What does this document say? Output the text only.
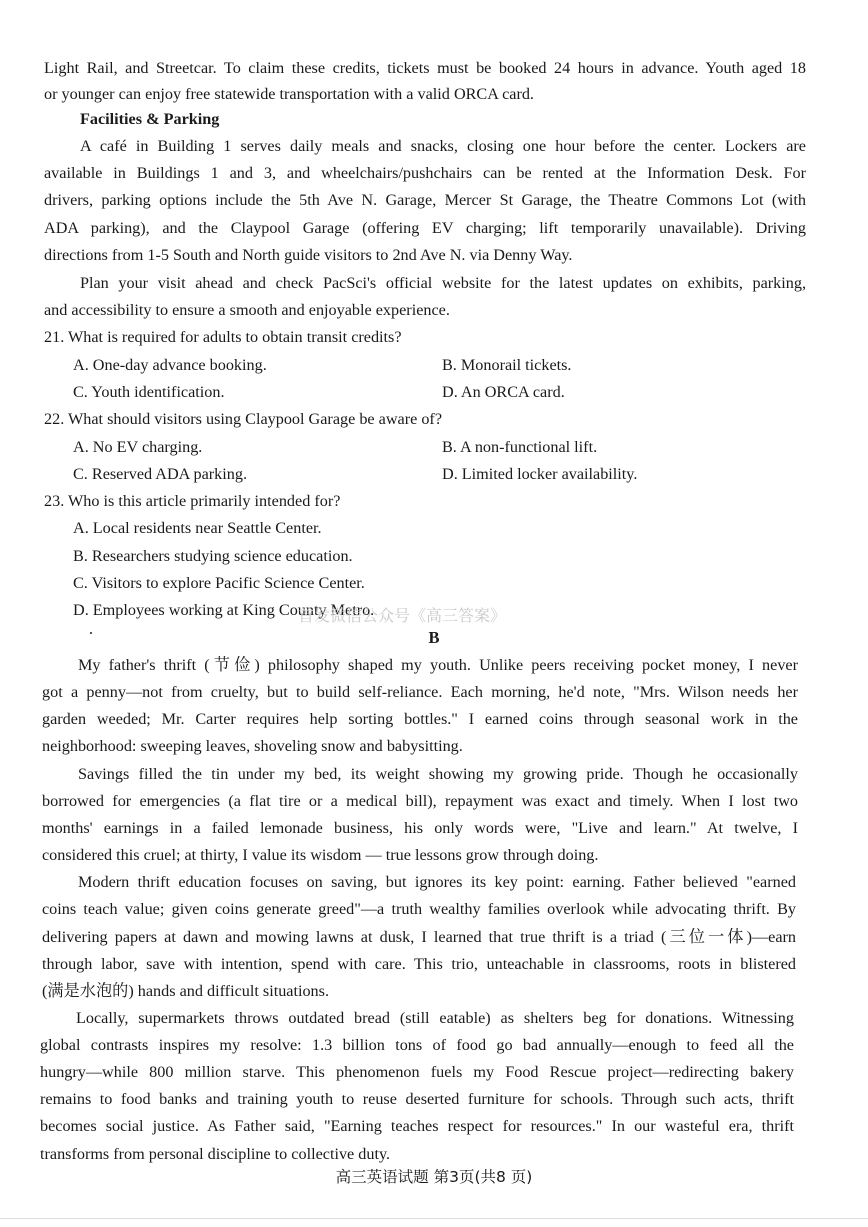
Light Rail, and Streetcar. To claim these credits, tickets must be booked 24 hours in advance. Youth aged 18
or younger can enjoy free statewide transportation with a valid ORCA card.
Facilities & Parking
A café in Building 1 serves daily meals and snacks, closing one hour before the center. Lockers are
available in Buildings 1 and 3, and wheelchairs/pushchairs can be rented at the Information Desk. For
drivers, parking options include the 5th Ave N. Garage, Mercer St Garage, the Theatre Commons Lot (with
ADA parking), and the Claypool Garage (offering EV charging; lift temporarily unavailable). Driving
directions from 1-5 South and North guide visitors to 2nd Ave N. via Denny Way.
Plan your visit ahead and check PacSci's official website for the latest updates on exhibits, parking,
and accessibility to ensure a smooth and enjoyable experience.
21. What is required for adults to obtain transit credits?
A. One-day advance booking.	B. Monorail tickets.
C. Youth identification.	D. An ORCA card.
22. What should visitors using Claypool Garage be aware of?
A. No EV charging.	B. A non-functional lift.
C. Reserved ADA parking.	D. Limited locker availability.
23. Who is this article primarily intended for?
A. Local residents near Seattle Center.
B. Researchers studying science education.
C. Visitors to explore Pacific Science Center.
D. Employees working at King County Metro.
首发微信公众号《高三答案》
B
My father's thrift (节俭) philosophy shaped my youth. Unlike peers receiving pocket money, I never
got a penny—not from cruelty, but to build self-reliance. Each morning, he'd note, "Mrs. Wilson needs her
garden weeded; Mr. Carter requires help sorting bottles." I earned coins through seasonal work in the
neighborhood: sweeping leaves, shoveling snow and babysitting.
Savings filled the tin under my bed, its weight showing my growing pride. Though he occasionally
borrowed for emergencies (a flat tire or a medical bill), repayment was exact and timely. When I lost two
months' earnings in a failed lemonade business, his only words were, "Live and learn." At twelve, I
considered this cruel; at thirty, I value its wisdom — true lessons grow through doing.
Modern thrift education focuses on saving, but ignores its key point: earning. Father believed "earned
coins teach value; given coins generate greed"—a truth wealthy families overlook while advocating thrift. By
delivering papers at dawn and mowing lawns at dusk, I learned that true thrift is a triad (三位一体)—earn
through labor, save with intention, spend with care. This trio, unteachable in classrooms, roots in blistered
(满是水泡的) hands and difficult situations.
Locally, supermarkets throws outdated bread (still eatable) as shelters beg for donations. Witnessing
global contrasts inspires my resolve: 1.3 billion tons of food go bad annually—enough to feed all the
hungry—while 800 million starve. This phenomenon fuels my Food Rescue project—redirecting bakery
remains to food banks and training youth to reuse deserted furniture for schools. Through such acts, thrift
becomes social justice. As Father said, "Earning teaches respect for resources." In our wasteful era, thrift
transforms from personal discipline to collective duty.
高三英语试题 第3页(共8 页)
